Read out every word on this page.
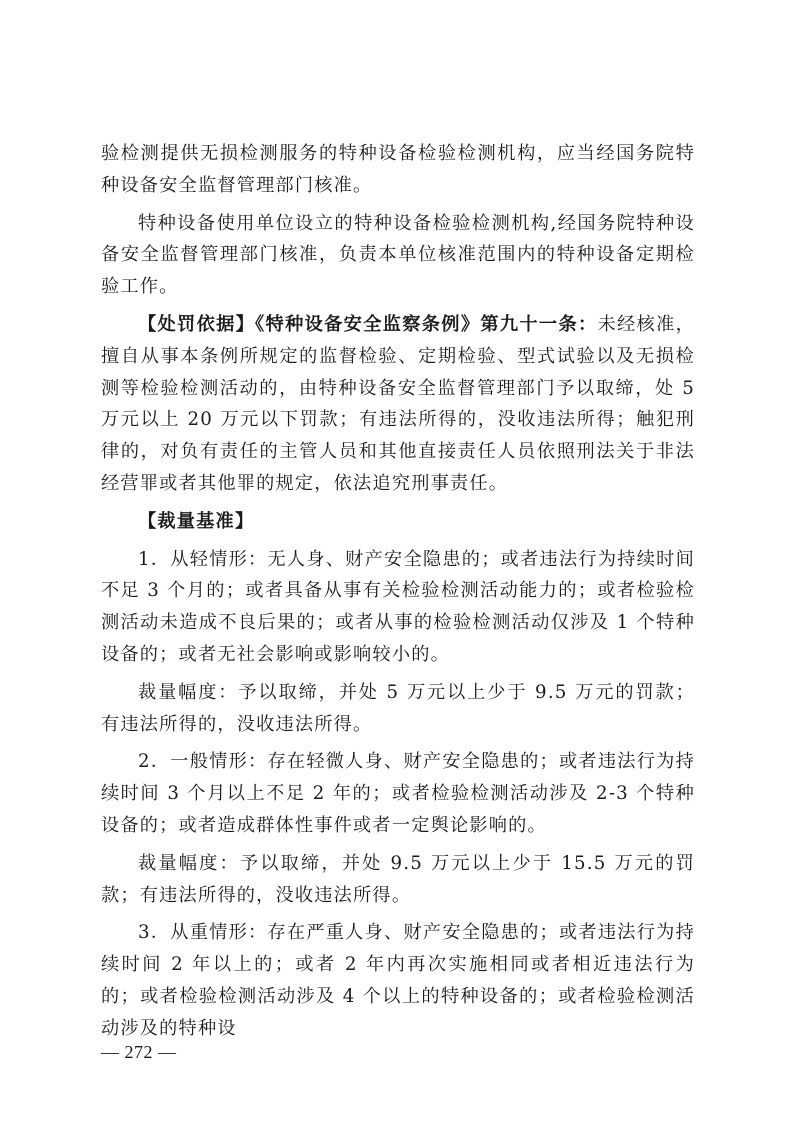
验检测提供无损检测服务的特种设备检验检测机构，应当经国务院特种设备安全监督管理部门核准。

特种设备使用单位设立的特种设备检验检测机构,经国务院特种设备安全监督管理部门核准，负责本单位核准范围内的特种设备定期检验工作。

【处罚依据】《特种设备安全监察条例》第九十一条：未经核准，擅自从事本条例所规定的监督检验、定期检验、型式试验以及无损检测等检验检测活动的，由特种设备安全监督管理部门予以取缔，处 5 万元以上 20 万元以下罚款；有违法所得的，没收违法所得；触犯刑律的，对负有责任的主管人员和其他直接责任人员依照刑法关于非法经营罪或者其他罪的规定，依法追究刑事责任。

【裁量基准】

1．从轻情形：无人身、财产安全隐患的；或者违法行为持续时间不足 3 个月的；或者具备从事有关检验检测活动能力的；或者检验检测活动未造成不良后果的；或者从事的检验检测活动仅涉及 1 个特种设备的；或者无社会影响或影响较小的。

裁量幅度：予以取缔，并处 5 万元以上少于 9.5 万元的罚款；有违法所得的，没收违法所得。

2．一般情形：存在轻微人身、财产安全隐患的；或者违法行为持续时间 3 个月以上不足 2 年的；或者检验检测活动涉及 2-3 个特种设备的；或者造成群体性事件或者一定舆论影响的。

裁量幅度：予以取缔，并处 9.5 万元以上少于 15.5 万元的罚款；有违法所得的，没收违法所得。

3．从重情形：存在严重人身、财产安全隐患的；或者违法行为持续时间 2 年以上的；或者 2 年内再次实施相同或者相近违法行为的；或者检验检测活动涉及 4 个以上的特种设备的；或者检验检测活动涉及的特种设

— 272 —
